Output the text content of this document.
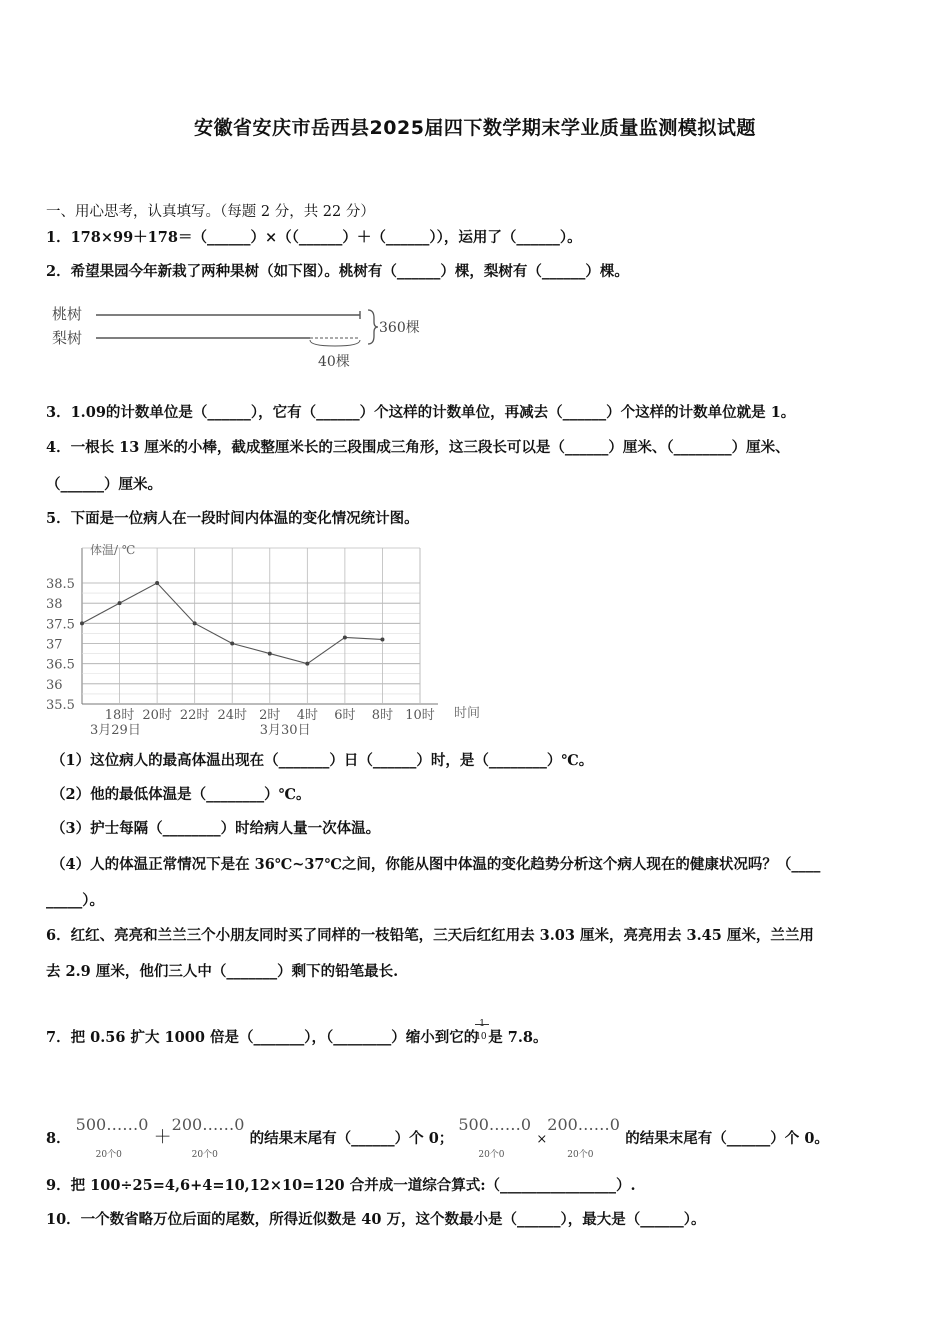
安徽省安庆市岳西县2025届四下数学期末学业质量监测模拟试题
一、用心思考，认真填写。（每题 2 分，共 22 分）
1．178×99＋178＝（______）×（（______）＋（______）），运用了（______）。
2．希望果园今年新栽了两种果树（如下图）。桃树有（______）棵，梨树有（______）棵。
桃树
梨树
360棵
40棵
3．1.09的计数单位是（______），它有（______）个这样的计数单位，再减去（______）个这样的计数单位就是 1。
4．一根长 13 厘米的小棒，截成整厘米长的三段围成三角形，这三段长可以是（______）厘米、（________）厘米、
（______）厘米。
5．下面是一位病人在一段时间内体温的变化情况统计图。
38.5
38
37.5
37
36.5
36
35.5
18时 20时 22时 24时 2时 4时 6时 8时 10时
体温/ ℃
时间
3月29日	3月30日
（1）这位病人的最高体温出现在（_______）日（______）时，是（________）℃。
（2）他的最低体温是（________）℃。
（3）护士每隔（________）时给病人量一次体温。
（4）人的体温正常情况下是在 36℃~37℃之间，你能从图中体温的变化趋势分析这个病人现在的健康状况吗？（____
_____）。
6．红红、亮亮和兰兰三个小朋友同时买了同样的一枝铅笔，三天后红红用去 3.03 厘米，亮亮用去 3.45 厘米，兰兰用
去 2.9 厘米，他们三人中（_______）剩下的铅笔最长.
7．把 0.56 扩大 1000 倍是（_______），（________）缩小到它的
1
10 是 7.8。
8．
500……0
20个0
＋
200……0
20个0
的结果末尾有（______）个 0；
500……0
20个0
×
200……0
20个0
的结果末尾有（______）个 0。
9．把 100÷25=4,6+4=10,12×10=120 合并成一道综合算式:（________________）.
10．一个数省略万位后面的尾数，所得近似数是 40 万，这个数最小是（______），最大是（______）。
